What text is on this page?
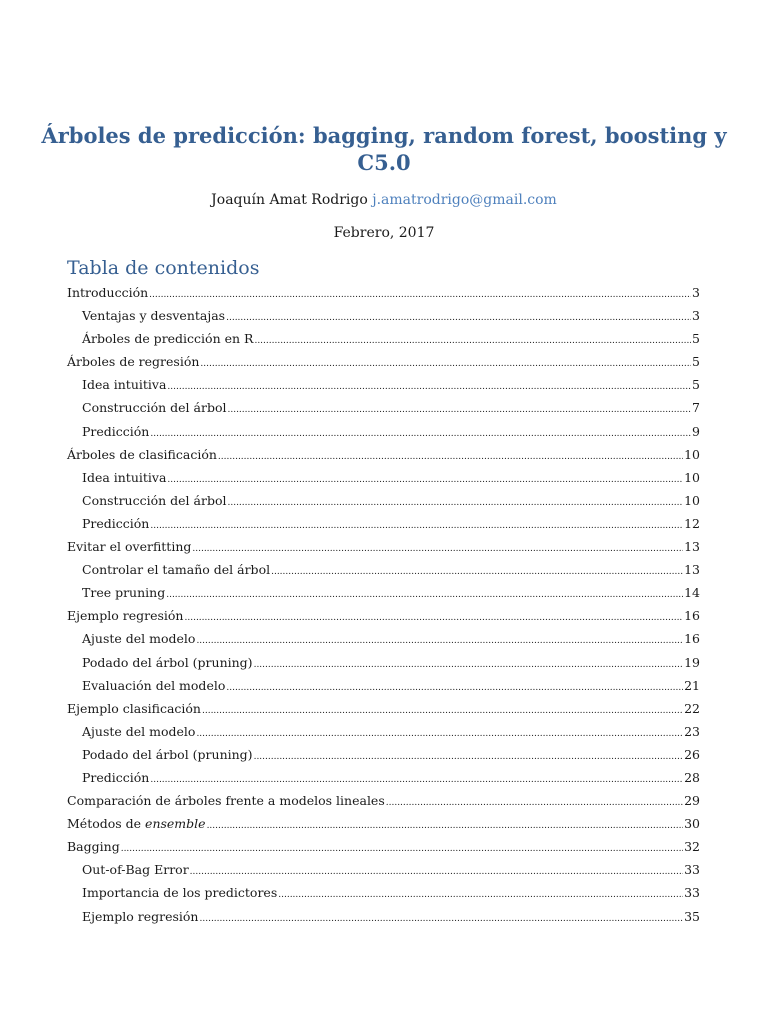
Árboles de predicción: bagging, random forest, boosting y C5.0
Joaquín Amat Rodrigo j.amatrodrigo@gmail.com
Febrero, 2017
Tabla de contenidos
Introducción .....	3
Ventajas y desventajas .....	3
Árboles de predicción en R .....	5
Árboles de regresión .....	5
Idea intuitiva .....	5
Construcción del árbol .....	7
Predicción .....	9
Árboles de clasificación .....	10
Idea intuitiva .....	10
Construcción del árbol .....	10
Predicción .....	12
Evitar el overfitting .....	13
Controlar el tamaño del árbol .....	13
Tree pruning .....	14
Ejemplo regresión .....	16
Ajuste del modelo .....	16
Podado del árbol (pruning) .....	19
Evaluación del modelo .....	21
Ejemplo clasificación .....	22
Ajuste del modelo .....	23
Podado del árbol (pruning) .....	26
Predicción .....	28
Comparación de árboles frente a modelos lineales .....	29
Métodos de ensemble .....	30
Bagging .....	32
Out-of-Bag Error .....	33
Importancia de los predictores .....	33
Ejemplo regresión .....	35
